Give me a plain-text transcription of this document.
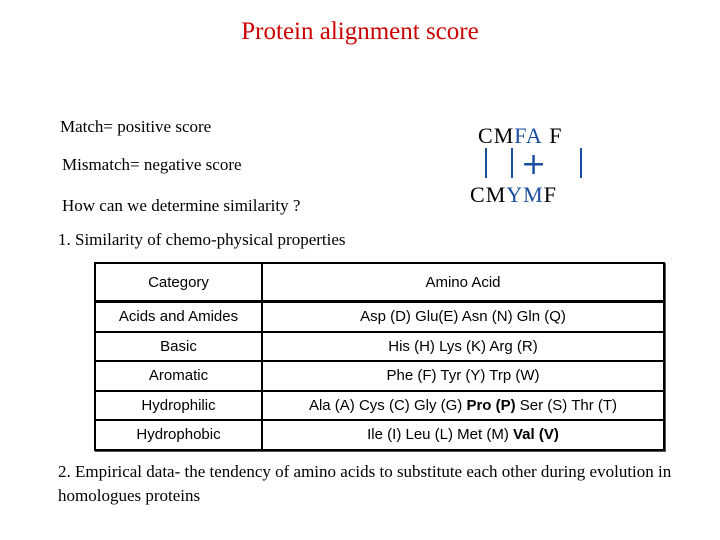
Protein alignment score
Match= positive score
Mismatch= negative score
How can we determine similarity ?
CMFA F
+
CMYMF
1. Similarity of chemo-physical properties
Category	Amino Acid
Acids and Amides	Asp (D) Glu(E) Asn (N) Gln (Q)
Basic	His (H) Lys (K) Arg (R)
Aromatic	Phe (F) Tyr (Y) Trp (W)
Hydrophilic	Ala (A) Cys (C) Gly (G) Pro (P) Ser (S) Thr (T)
Hydrophobic	Ile (I) Leu (L) Met (M) Val (V)
2. Empirical data- the tendency of amino acids to substitute each other during evolution in homologues proteins
